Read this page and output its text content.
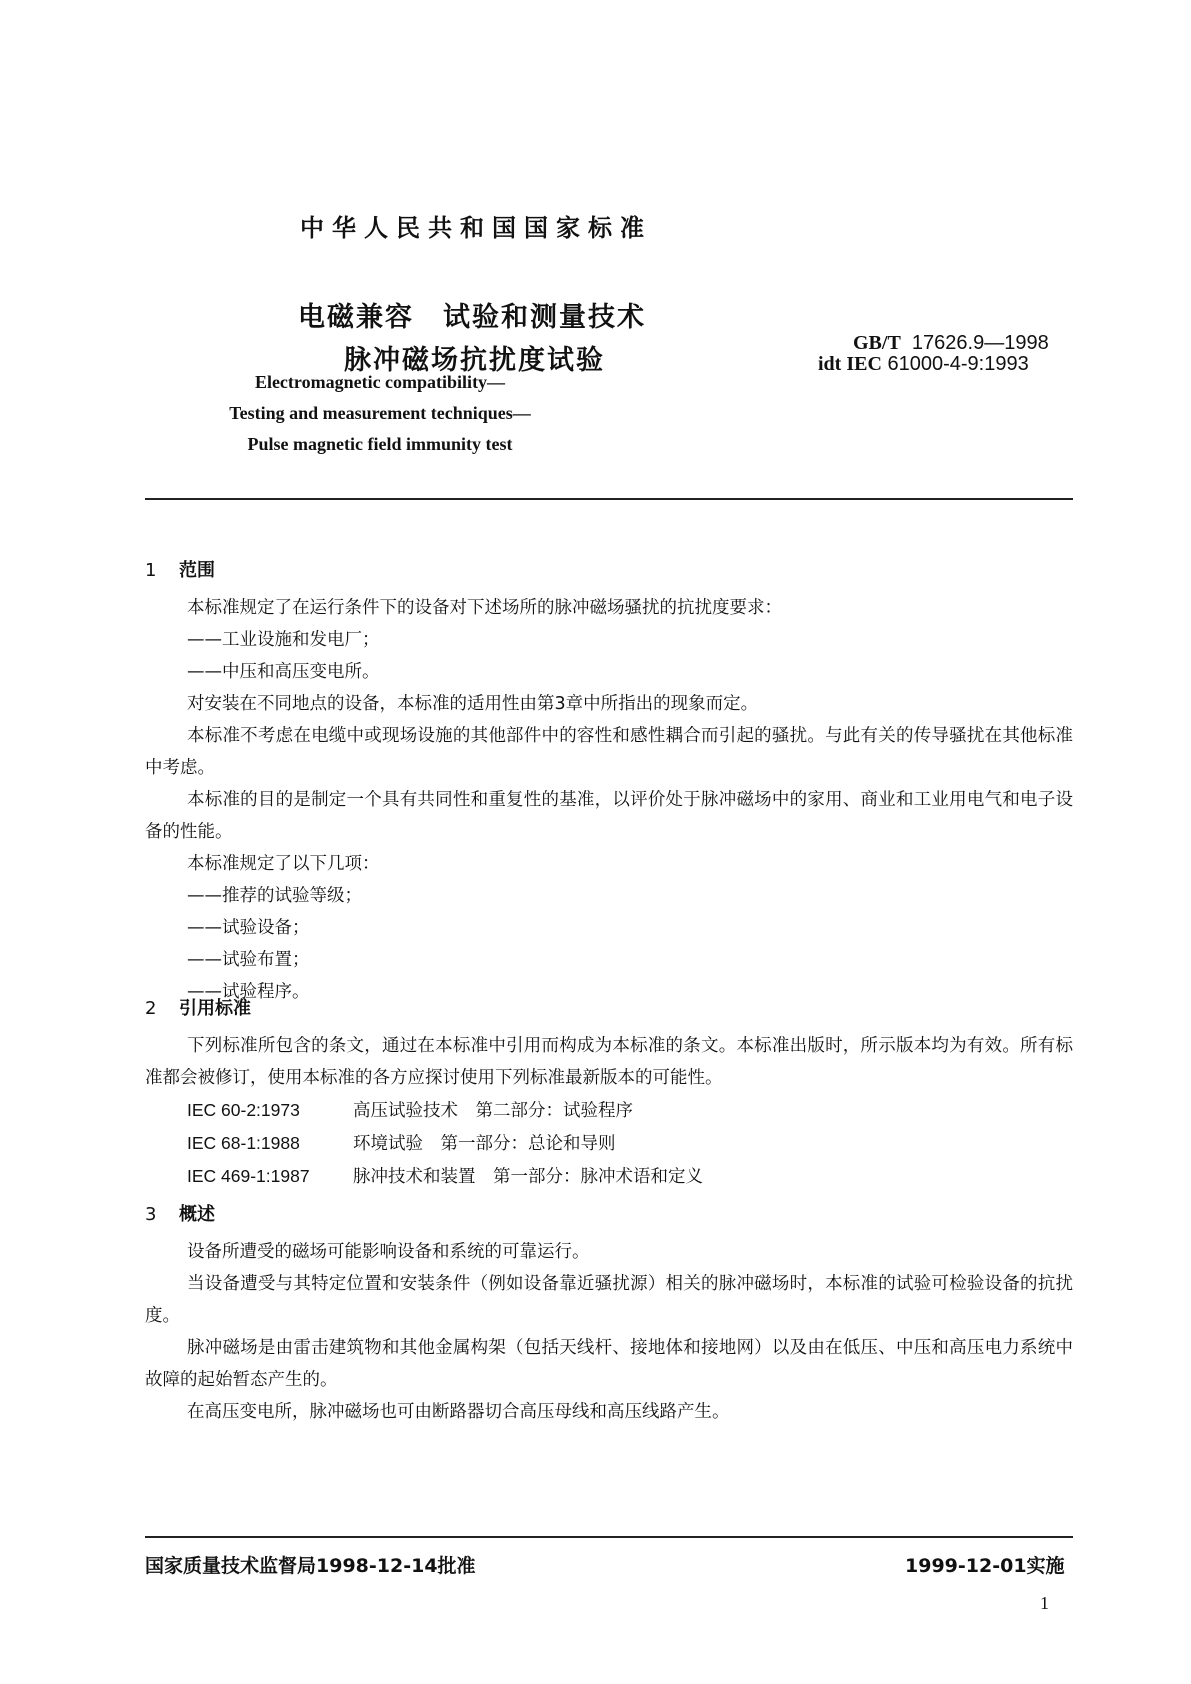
中华人民共和国国家标准
电磁兼容　试验和测量技术
脉冲磁场抗扰度试验
GB/T 17626.9—1998
idt IEC 61000-4-9:1993
Electromagnetic compatibility—
Testing and measurement techniques—
Pulse magnetic field immunity test
1 范围

本标准规定了在运行条件下的设备对下述场所的脉冲磁场骚扰的抗扰度要求：

——工业设施和发电厂；

——中压和高压变电所。

对安装在不同地点的设备，本标准的适用性由第3章中所指出的现象而定。

本标准不考虑在电缆中或现场设施的其他部件中的容性和感性耦合而引起的骚扰。与此有关的传导骚扰在其他标准中考虑。

本标准的目的是制定一个具有共同性和重复性的基准，以评价处于脉冲磁场中的家用、商业和工业用电气和电子设备的性能。

本标准规定了以下几项：

——推荐的试验等级；

——试验设备；

——试验布置；

——试验程序。

2 引用标准

下列标准所包含的条文，通过在本标准中引用而构成为本标准的条文。本标准出版时，所示版本均为有效。所有标准都会被修订，使用本标准的各方应探讨使用下列标准最新版本的可能性。

IEC 60-2:1973	高压试验技术　第二部分：试验程序
IEC 68-1:1988	环境试验　第一部分：总论和导则
IEC 469-1:1987 脉冲技术和装置　第一部分：脉冲术语和定义
3 概述

设备所遭受的磁场可能影响设备和系统的可靠运行。

当设备遭受与其特定位置和安装条件（例如设备靠近骚扰源）相关的脉冲磁场时，本标准的试验可检验设备的抗扰度。

脉冲磁场是由雷击建筑物和其他金属构架（包括天线杆、接地体和接地网）以及由在低压、中压和高压电力系统中故障的起始暂态产生的。

在高压变电所，脉冲磁场也可由断路器切合高压母线和高压线路产生。

国家质量技术监督局1998-12-14批准	1999-12-01实施
1
